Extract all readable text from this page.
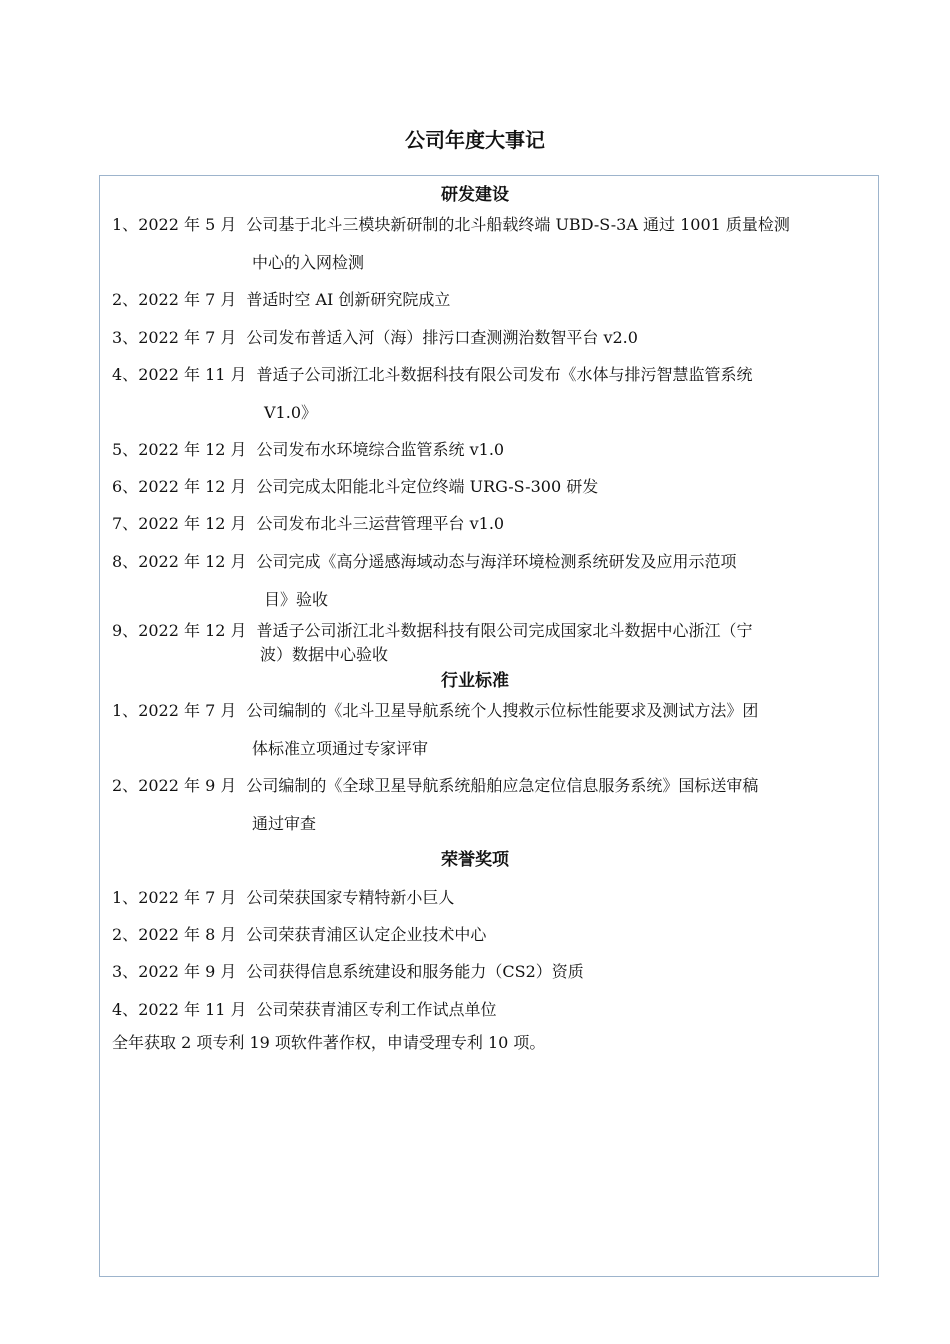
公司年度大事记
研发建设
1、2022 年 5 月 公司基于北斗三模块新研制的北斗船载终端 UBD-S-3A 通过 1001 质量检测
中心的入网检测
2、2022 年 7 月 普适时空 AI 创新研究院成立
3、2022 年 7 月 公司发布普适入河（海）排污口查测溯治数智平台 v2.0
4、2022 年 11 月 普适子公司浙江北斗数据科技有限公司发布《水体与排污智慧监管系统
V1.0》
5、2022 年 12 月 公司发布水环境综合监管系统 v1.0
6、2022 年 12 月 公司完成太阳能北斗定位终端 URG-S-300 研发
7、2022 年 12 月 公司发布北斗三运营管理平台 v1.0
8、2022 年 12 月 公司完成《高分遥感海域动态与海洋环境检测系统研发及应用示范项
目》验收
9、2022 年 12 月 普适子公司浙江北斗数据科技有限公司完成国家北斗数据中心浙江（宁
波）数据中心验收
行业标准
1、2022 年 7 月 公司编制的《北斗卫星导航系统个人搜救示位标性能要求及测试方法》团
体标准立项通过专家评审
2、2022 年 9 月 公司编制的《全球卫星导航系统船舶应急定位信息服务系统》国标送审稿
通过审查
荣誉奖项
1、2022 年 7 月 公司荣获国家专精特新小巨人
2、2022 年 8 月 公司荣获青浦区认定企业技术中心
3、2022 年 9 月 公司获得信息系统建设和服务能力（CS2）资质
4、2022 年 11 月 公司荣获青浦区专利工作试点单位
全年获取 2 项专利 19 项软件著作权，申请受理专利 10 项。
